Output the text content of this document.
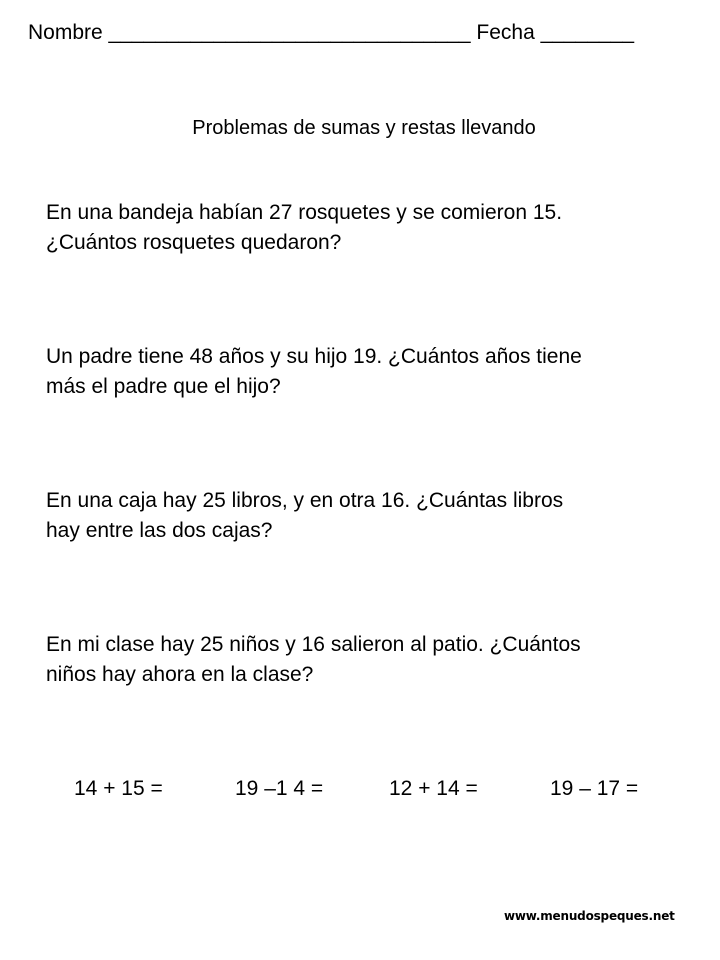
Nombre _______________________________ Fecha ________
Problemas de sumas y restas llevando
En una bandeja habían 27 rosquetes y se comieron 15.
¿Cuántos rosquetes quedaron?
Un padre tiene 48 años y su hijo 19. ¿Cuántos años tiene
más el padre que el hijo?
En una caja hay 25 libros, y en otra 16. ¿Cuántas libros
hay entre las dos cajas?
En mi clase hay 25 niños y 16 salieron al patio. ¿Cuántos
niños hay ahora en la clase?
14 + 15 =	19 –1 4 =	12 + 14 =	19 – 17 =
www.menudospeques.net
